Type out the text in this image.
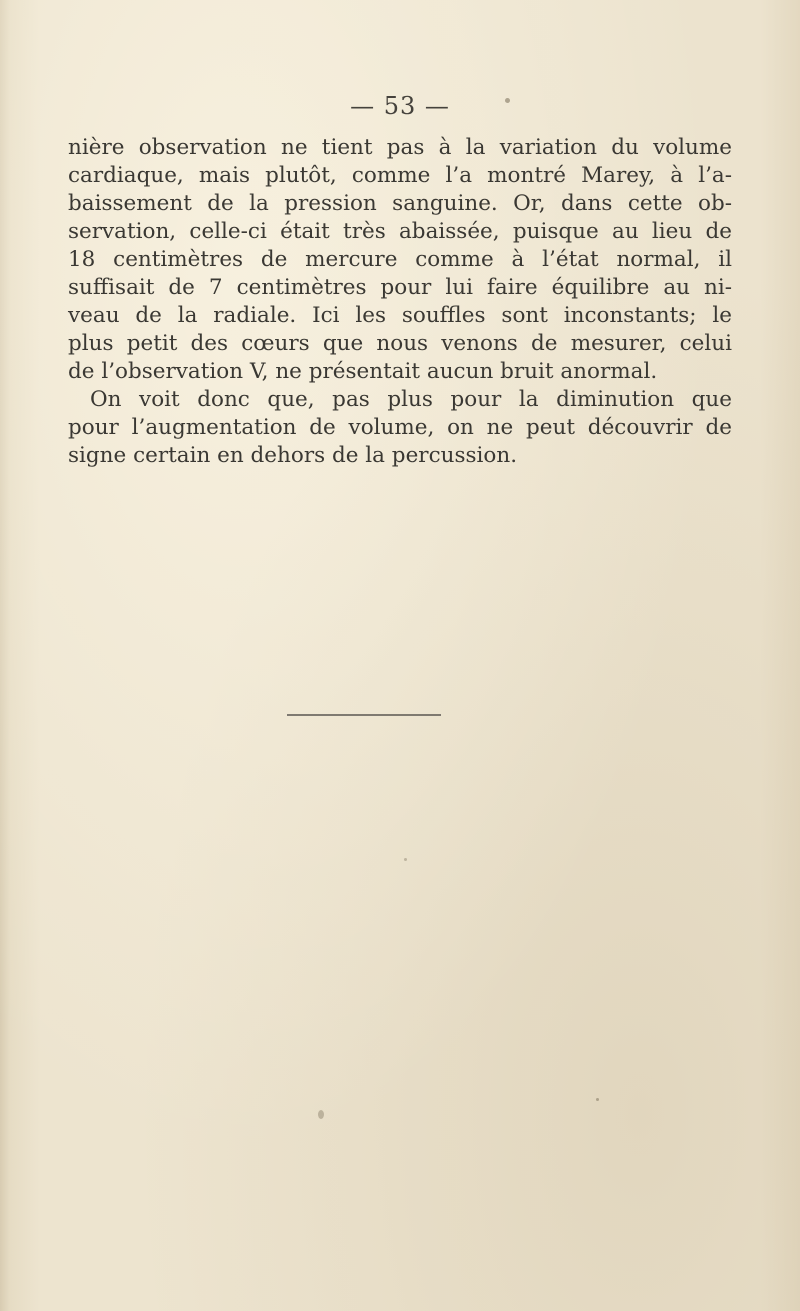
— 53 —
nière observation ne tient pas à la variation du volume
cardiaque, mais plutôt, comme l’a montré Marey, à l’a-
baissement de la pression sanguine. Or, dans cette ob-
servation, celle-ci était très abaissée, puisque au lieu de
18 centimètres de mercure comme à l’état normal, il
suffisait de 7 centimètres pour lui faire équilibre au ni-
veau de la radiale. Ici les souffles sont inconstants; le
plus petit des cœurs que nous venons de mesurer, celui
de l’observation V, ne présentait aucun bruit anormal.
On voit donc que, pas plus pour la diminution que
pour l’augmentation de volume, on ne peut découvrir de
signe certain en dehors de la percussion.
